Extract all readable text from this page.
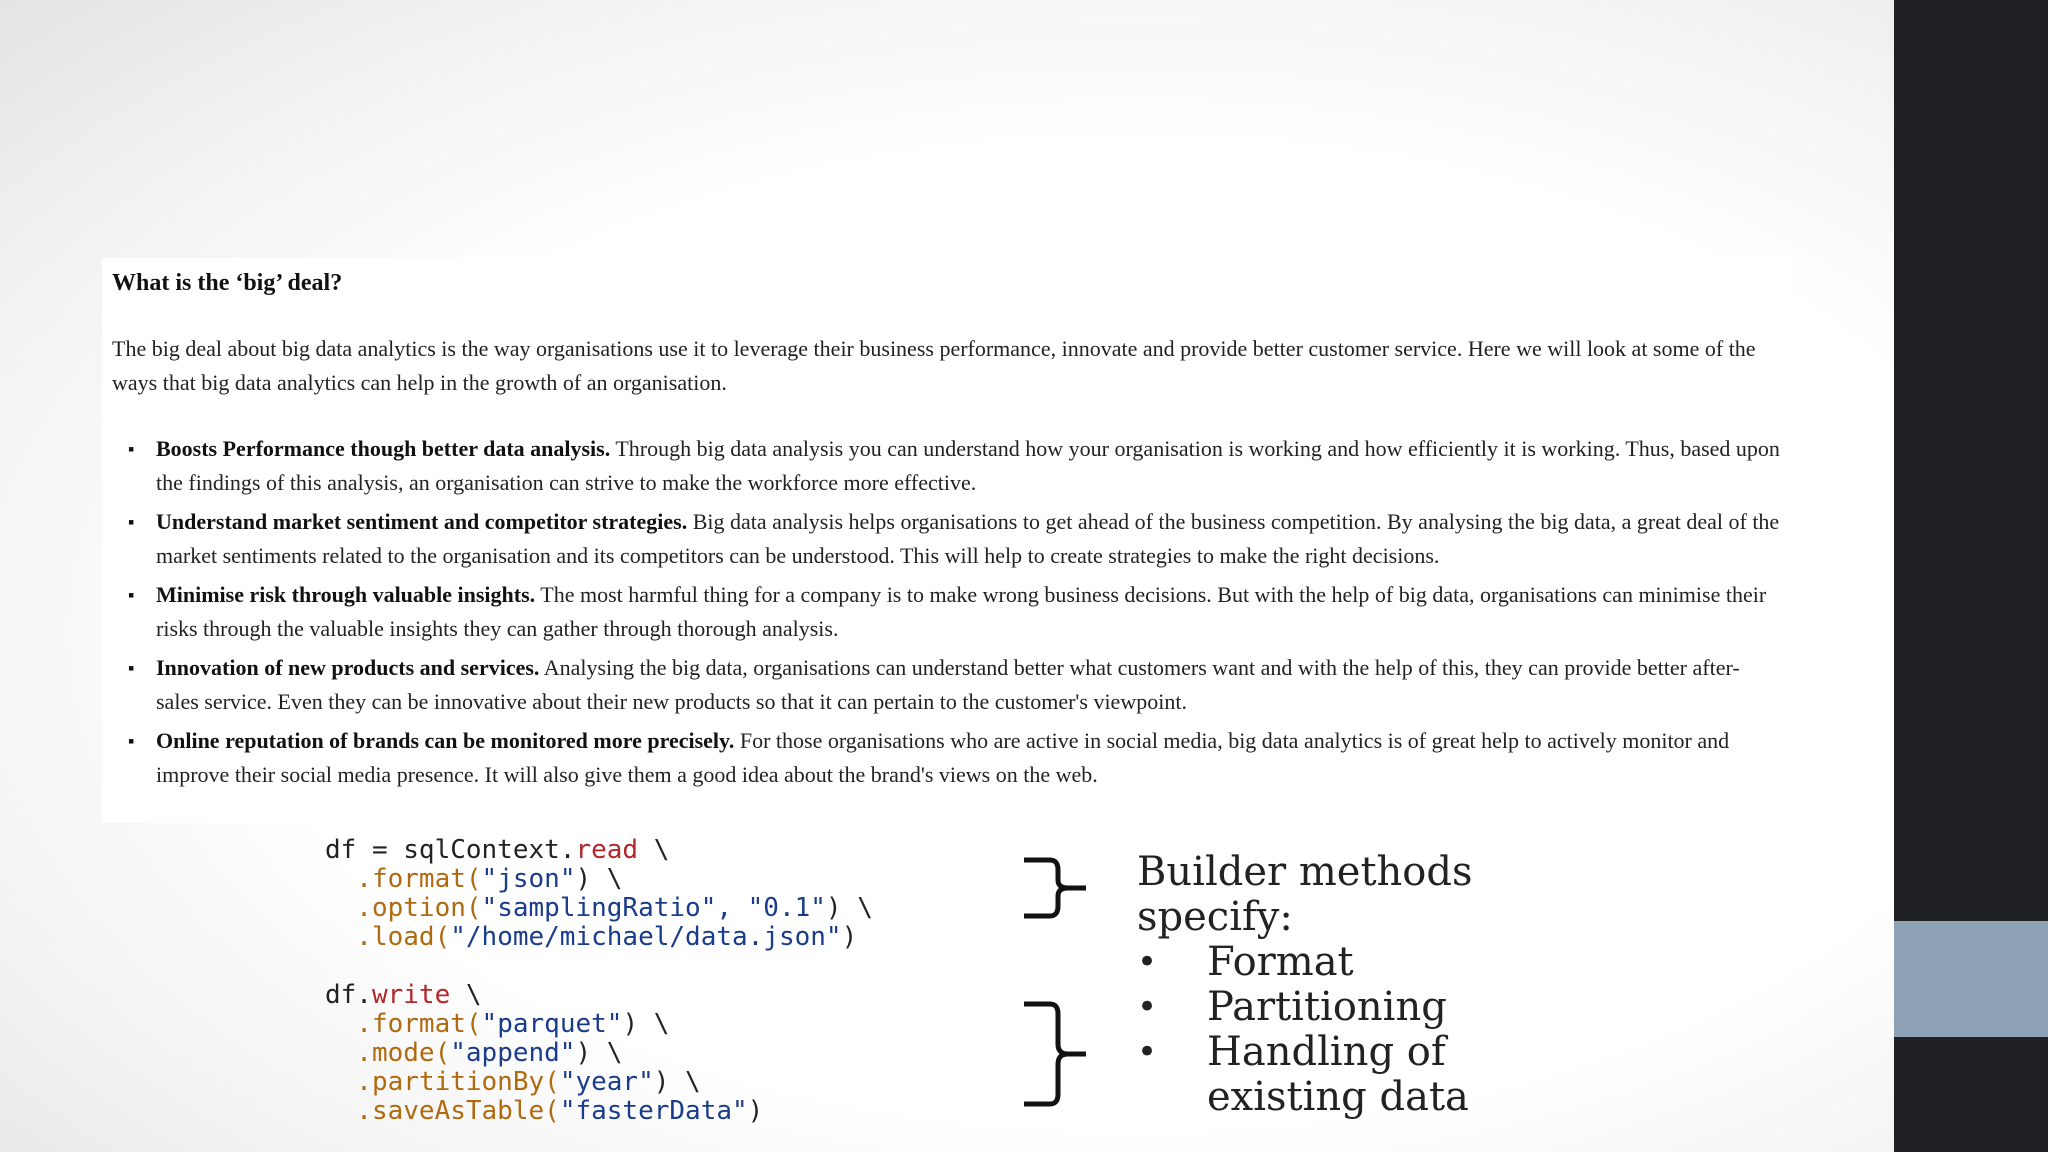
What is the ‘big’ deal?

The big deal about big data analytics is the way organisations use it to leverage their business performance, innovate and provide better customer service. Here we will look at some of the ways that big data analytics can help in the growth of an organisation.

▪ Boosts Performance though better data analysis. Through big data analysis you can understand how your organisation is working and how efficiently it is working. Thus, based upon the findings of this analysis, an organisation can strive to make the workforce more effective.
▪ Understand market sentiment and competitor strategies. Big data analysis helps organisations to get ahead of the business competition. By analysing the big data, a great deal of the market sentiments related to the organisation and its competitors can be understood. This will help to create strategies to make the right decisions.
▪ Minimise risk through valuable insights. The most harmful thing for a company is to make wrong business decisions. But with the help of big data, organisations can minimise their risks through the valuable insights they can gather through thorough analysis.
▪ Innovation of new products and services. Analysing the big data, organisations can understand better what customers want and with the help of this, they can provide better after-sales service. Even they can be innovative about their new products so that it can pertain to the customer's viewpoint.
▪ Online reputation of brands can be monitored more precisely. For those organisations who are active in social media, big data analytics is of great help to actively monitor and improve their social media presence. It will also give them a good idea about the brand's views on the web.
df = sqlContext.read \
.format("json") \
.option("samplingRatio", "0.1") \
.load("/home/michael/data.json")

df.write \
.format("parquet") \
.mode("append") \
.partitionBy("year") \
.saveAsTable("fasterData")

Builder methods

specify:

• Format
• Partitioning
• Handling of
existing data
